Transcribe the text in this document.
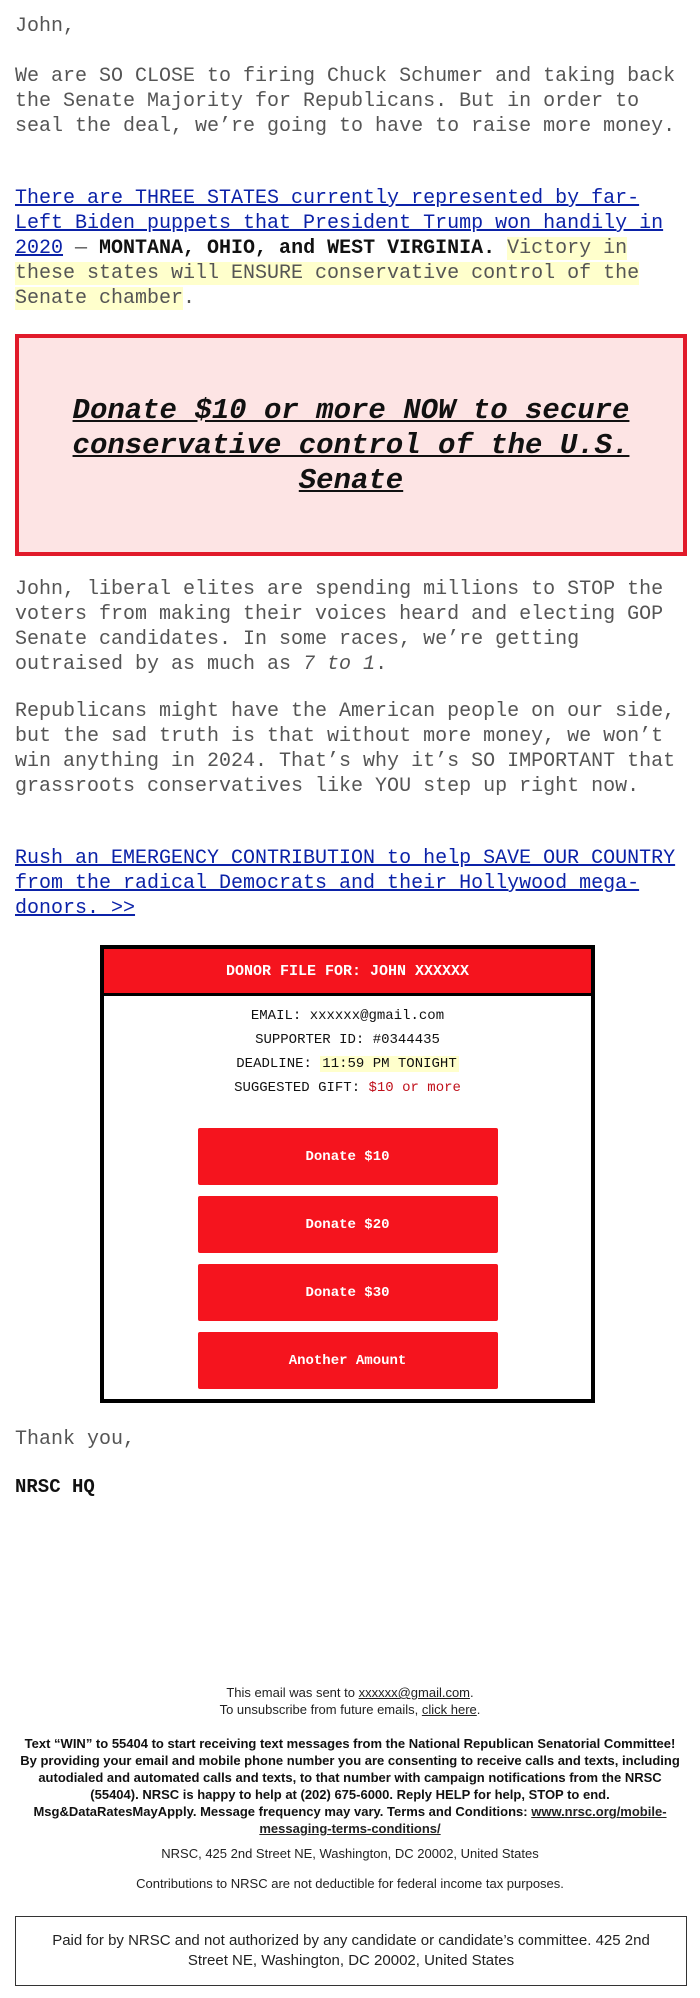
John,

We are SO CLOSE to firing Chuck Schumer and taking back the Senate Majority for Republicans. But in order to seal the deal, we’re going to have to raise more money.

There are THREE STATES currently represented by far-Left Biden puppets that President Trump won handily in 2020 — MONTANA, OHIO, and WEST VIRGINIA. Victory in these states will ENSURE conservative control of the Senate chamber.

Donate $10 or more NOW to secure conservative control of the U.S. Senate

John, liberal elites are spending millions to STOP the voters from making their voices heard and electing GOP Senate candidates. In some races, we’re getting outraised by as much as 7 to 1.

Republicans might have the American people on our side, but the sad truth is that without more money, we won’t win anything in 2024. That’s why it’s SO IMPORTANT that grassroots conservatives like YOU step up right now.

Rush an EMERGENCY CONTRIBUTION to help SAVE OUR COUNTRY from the radical Democrats and their Hollywood mega-donors. >>

DONOR FILE FOR: JOHN XXXXXX
EMAIL: xxxxxx@gmail.com
SUPPORTER ID: #0344435
DEADLINE: 11:59 PM TONIGHT
SUGGESTED GIFT: $10 or more
Donate $10
Donate $20
Donate $30
Another Amount

Thank you,

NRSC HQ
This email was sent to xxxxxx@gmail.com.
To unsubscribe from future emails, click here.
Text “WIN” to 55404 to start receiving text messages from the National Republican Senatorial Committee! By providing your email and mobile phone number you are consenting to receive calls and texts, including autodialed and automated calls and texts, to that number with campaign notifications from the NRSC (55404). NRSC is happy to help at (202) 675-6000. Reply HELP for help, STOP to end. Msg&DataRatesMayApply. Message frequency may vary. Terms and Conditions: www.nrsc.org/mobile-messaging-terms-conditions/
NRSC, 425 2nd Street NE, Washington, DC 20002, United States
Contributions to NRSC are not deductible for federal income tax purposes.
Paid for by NRSC and not authorized by any candidate or candidate’s committee. 425 2nd Street NE, Washington, DC 20002, United States
